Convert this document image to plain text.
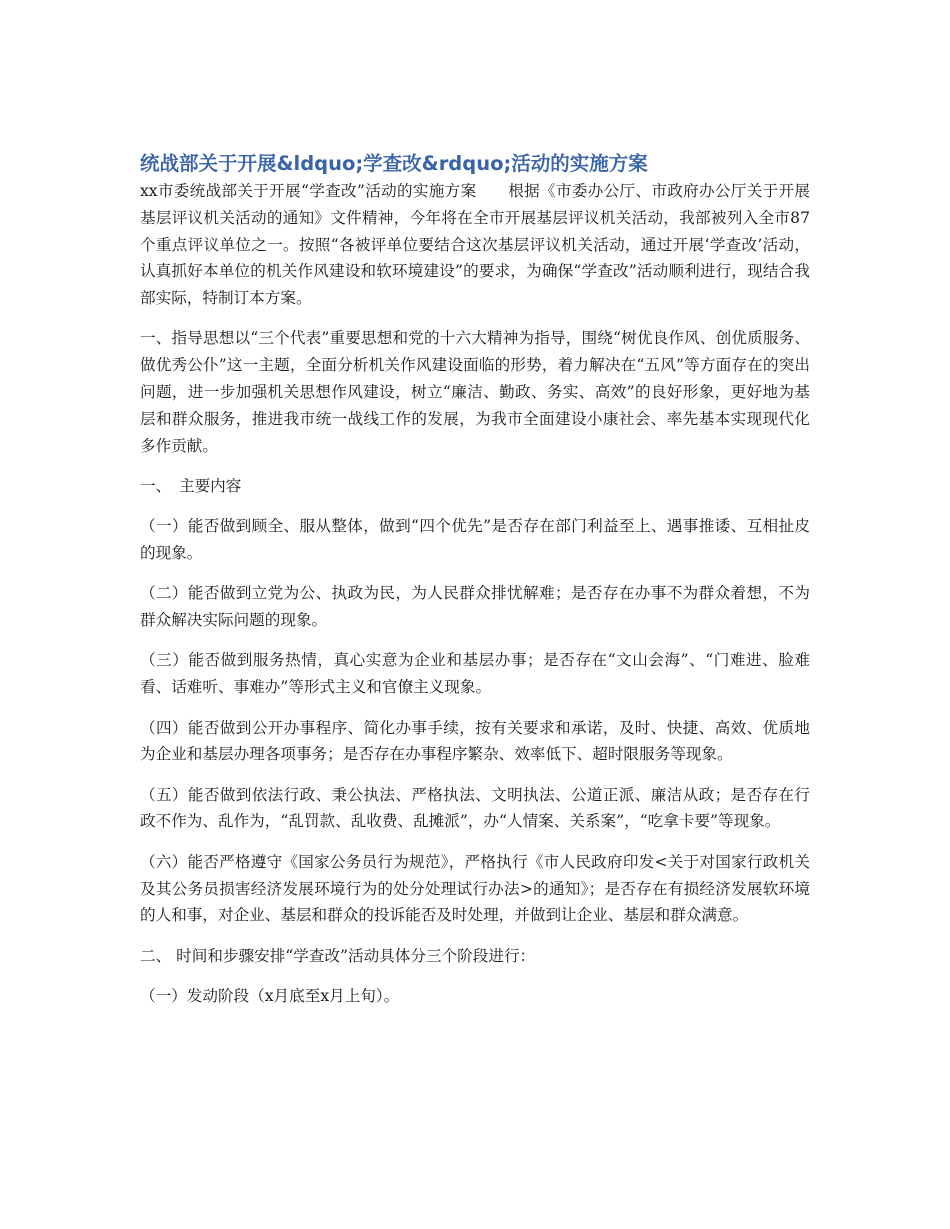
统战部关于开展&ldquo;学查改&rdquo;活动的实施方案

xx市委统战部关于开展“学查改”活动的实施方案　　根据《市委办公厅、市政府办公厅关于开展基层评议机关活动的通知》文件精神，今年将在全市开展基层评议机关活动，我部被列入全市87个重点评议单位之一。按照“各被评单位要结合这次基层评议机关活动，通过开展‘学查改’活动，认真抓好本单位的机关作风建设和软环境建设”的要求，为确保“学查改”活动顺利进行，现结合我部实际，特制订本方案。

一、指导思想以“三个代表”重要思想和党的十六大精神为指导，围绕“树优良作风、创优质服务、做优秀公仆”这一主题，全面分析机关作风建设面临的形势，着力解决在“五风”等方面存在的突出问题，进一步加强机关思想作风建设，树立“廉洁、勤政、务实、高效”的良好形象，更好地为基层和群众服务，推进我市统一战线工作的发展，为我市全面建设小康社会、率先基本实现现代化多作贡献。

一、　主要内容

（一）能否做到顾全、服从整体，做到“四个优先”是否存在部门利益至上、遇事推诿、互相扯皮的现象。

（二）能否做到立党为公、执政为民，为人民群众排忧解难；是否存在办事不为群众着想，不为群众解决实际问题的现象。

（三）能否做到服务热情，真心实意为企业和基层办事；是否存在“文山会海”、“门难进、脸难看、话难听、事难办”等形式主义和官僚主义现象。

（四）能否做到公开办事程序、简化办事手续，按有关要求和承诺，及时、快捷、高效、优质地为企业和基层办理各项事务；是否存在办事程序繁杂、效率低下、超时限服务等现象。

（五）能否做到依法行政、秉公执法、严格执法、文明执法、公道正派、廉洁从政；是否存在行政不作为、乱作为，“乱罚款、乱收费、乱摊派”，办“人情案、关系案”，“吃拿卡要”等现象。

（六）能否严格遵守《国家公务员行为规范》，严格执行《市人民政府印发<关于对国家行政机关及其公务员损害经济发展环境行为的处分处理试行办法>的通知》；是否存在有损经济发展软环境的人和事，对企业、基层和群众的投诉能否及时处理，并做到让企业、基层和群众满意。

二、 时间和步骤安排“学查改”活动具体分三个阶段进行：

（一）发动阶段（x月底至x月上旬）。
